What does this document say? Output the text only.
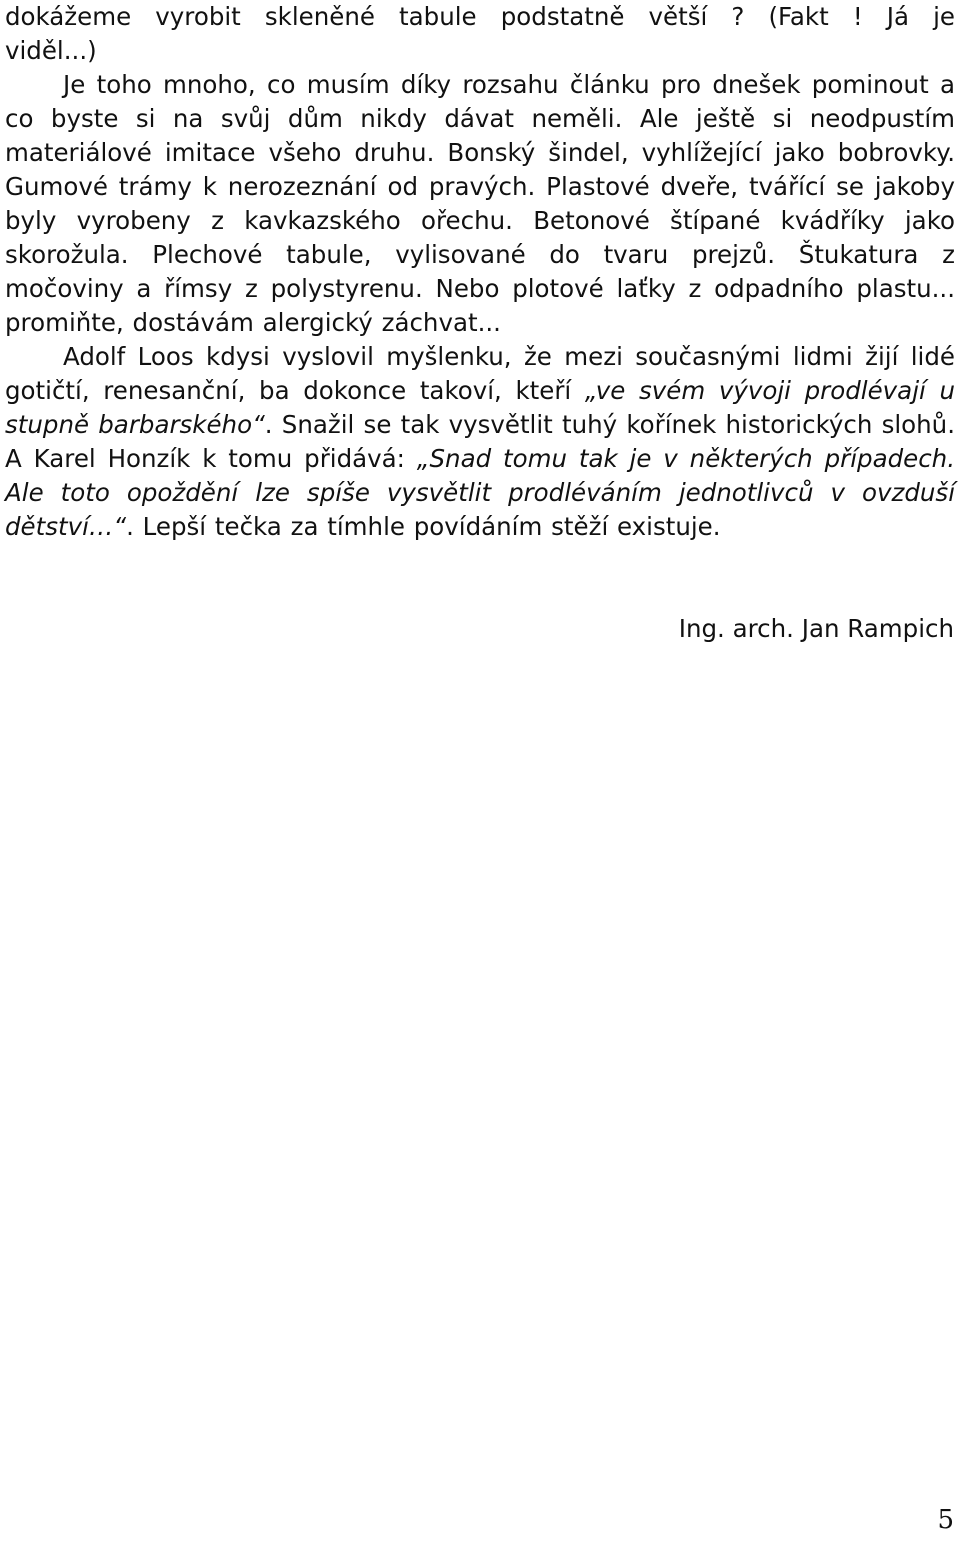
dokážeme vyrobit skleněné tabule podstatně větší ? (Fakt ! Já je

viděl...)

Je toho mnoho, co musím díky rozsahu článku pro dnešek pominout a co byste si na svůj dům nikdy dávat neměli. Ale ještě si neodpustím materiálové imitace všeho druhu. Bonský šindel, vyhlížející jako bobrovky. Gumové trámy k nerozeznání od pravých. Plastové dveře, tvářící se jakoby byly vyrobeny z kavkazského ořechu. Betonové štípané kvádříky jako skorožula. Plechové tabule, vylisované do tvaru prejzů. Štukatura z močoviny a římsy z polystyrenu. Nebo plotové laťky z odpadního plastu... promiňte, dostávám alergický záchvat...

Adolf Loos kdysi vyslovil myšlenku, že mezi současnými lidmi žijí lidé gotičtí, renesanční, ba dokonce takoví, kteří „ve svém vývoji prodlévají u stupně barbarského“. Snažil se tak vysvětlit tuhý kořínek historických slohů. A Karel Honzík k tomu přidává: „Snad tomu tak je v některých případech. Ale toto opoždění lze spíše vysvětlit prodléváním jednotlivců v ovzduší dětství…“. Lepší tečka za tímhle povídáním stěží existuje.

Ing. arch. Jan Rampich
5
